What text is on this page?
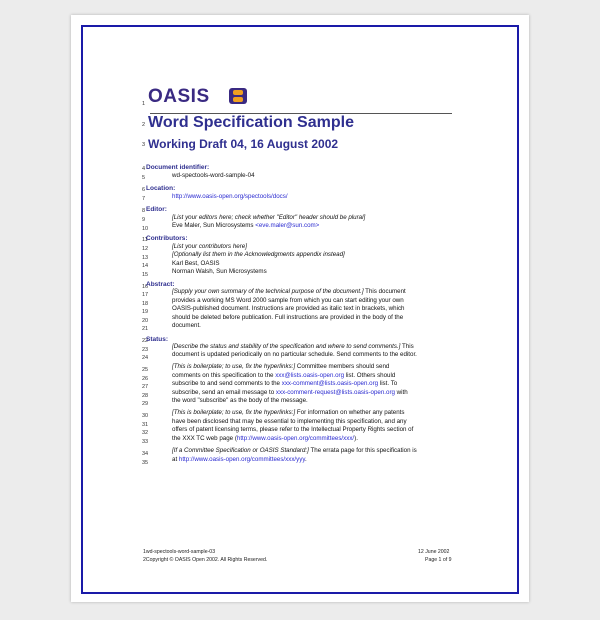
OASIS
1
2
3
Word Specification Sample
Working Draft 04, 16 August 2002
4 Document identifier:
5	wd-spectools-word-sample-04
6 Location:
7	http://www.oasis-open.org/spectools/docs/
8 Editor:
9	[List your editors here; check whether "Editor" header should be plural]
10	Eve Maler, Sun Microsystems <eve.maler@sun.com>
11
Contributors:
12	[List your contributors here]
13	[Optionally list them in the Acknowledgments appendix instead]
14	Karl Best, OASIS
15	Norman Walsh, Sun Microsystems
16
Abstract:
17	[Supply your own summary of the technical purpose of the document.] This document
18	provides a working MS Word 2000 sample from which you can start editing your own
19	OASIS-published document. Instructions are provided as italic text in brackets, which
20	should be deleted before publication. Full instructions are provided in the body of the
21	document.
22
Status:
23	[Describe the status and stability of the specification and where to send comments.] This
24	document is updated periodically on no particular schedule. Send comments to the editor.
25	[This is boilerplate; to use, fix the hyperlinks:] Committee members should send
26	comments on this specification to the xxx@lists.oasis-open.org list. Others should
27	subscribe to and send comments to the xxx-comment@lists.oasis-open.org list. To
28	subscribe, send an email message to xxx-comment-request@lists.oasis-open.org with
29	the word "subscribe" as the body of the message.
30	[This is boilerplate; to use, fix the hyperlinks:] For information on whether any patents
31	have been disclosed that may be essential to implementing this specification, and any
32	offers of patent licensing terms, please refer to the Intellectual Property Rights section of
33	the XXX TC web page (http://www.oasis-open.org/committees/xxx/).
34	[If a Committee Specification or OASIS Standard:] The errata page for this specification is
35	at http://www.oasis-open.org/committees/xxx/yyy.
1wd-spectools-word-sample-03
2Copyright © OASIS Open 2002. All Rights Reserved.
12 June 2002
Page 1 of 9
